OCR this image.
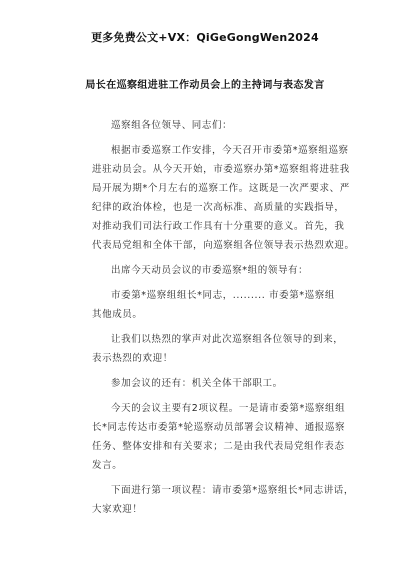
更多免费公文+VX：QiGeGongWen2024
局长在巡察组进驻工作动员会上的主持词与表态发言
巡察组各位领导、同志们：
根据市委巡察工作安排，今天召开市委第*巡察组巡察
进驻动员会。从今天开始，市委巡察办第*巡察组将进驻我
局开展为期*个月左右的巡察工作。这既是一次严要求、严
纪律的政治体检，也是一次高标准、高质量的实践指导，
对推动我们司法行政工作具有十分重要的意义。首先，我
代表局党组和全体干部，向巡察组各位领导表示热烈欢迎。
出席今天动员会议的市委巡察*组的领导有：
市委第*巡察组组长*同志，......... 市委第*巡察组
其他成员。
让我们以热烈的掌声对此次巡察组各位领导的到来，
表示热烈的欢迎！
参加会议的还有：机关全体干部职工。
今天的会议主要有2项议程。一是请市委第*巡察组组
长*同志传达市委第*轮巡察动员部署会议精神、通报巡察
任务、整体安排和有关要求；二是由我代表局党组作表态
发言。
下面进行第一项议程：请市委第*巡察组长*同志讲话，
大家欢迎！
